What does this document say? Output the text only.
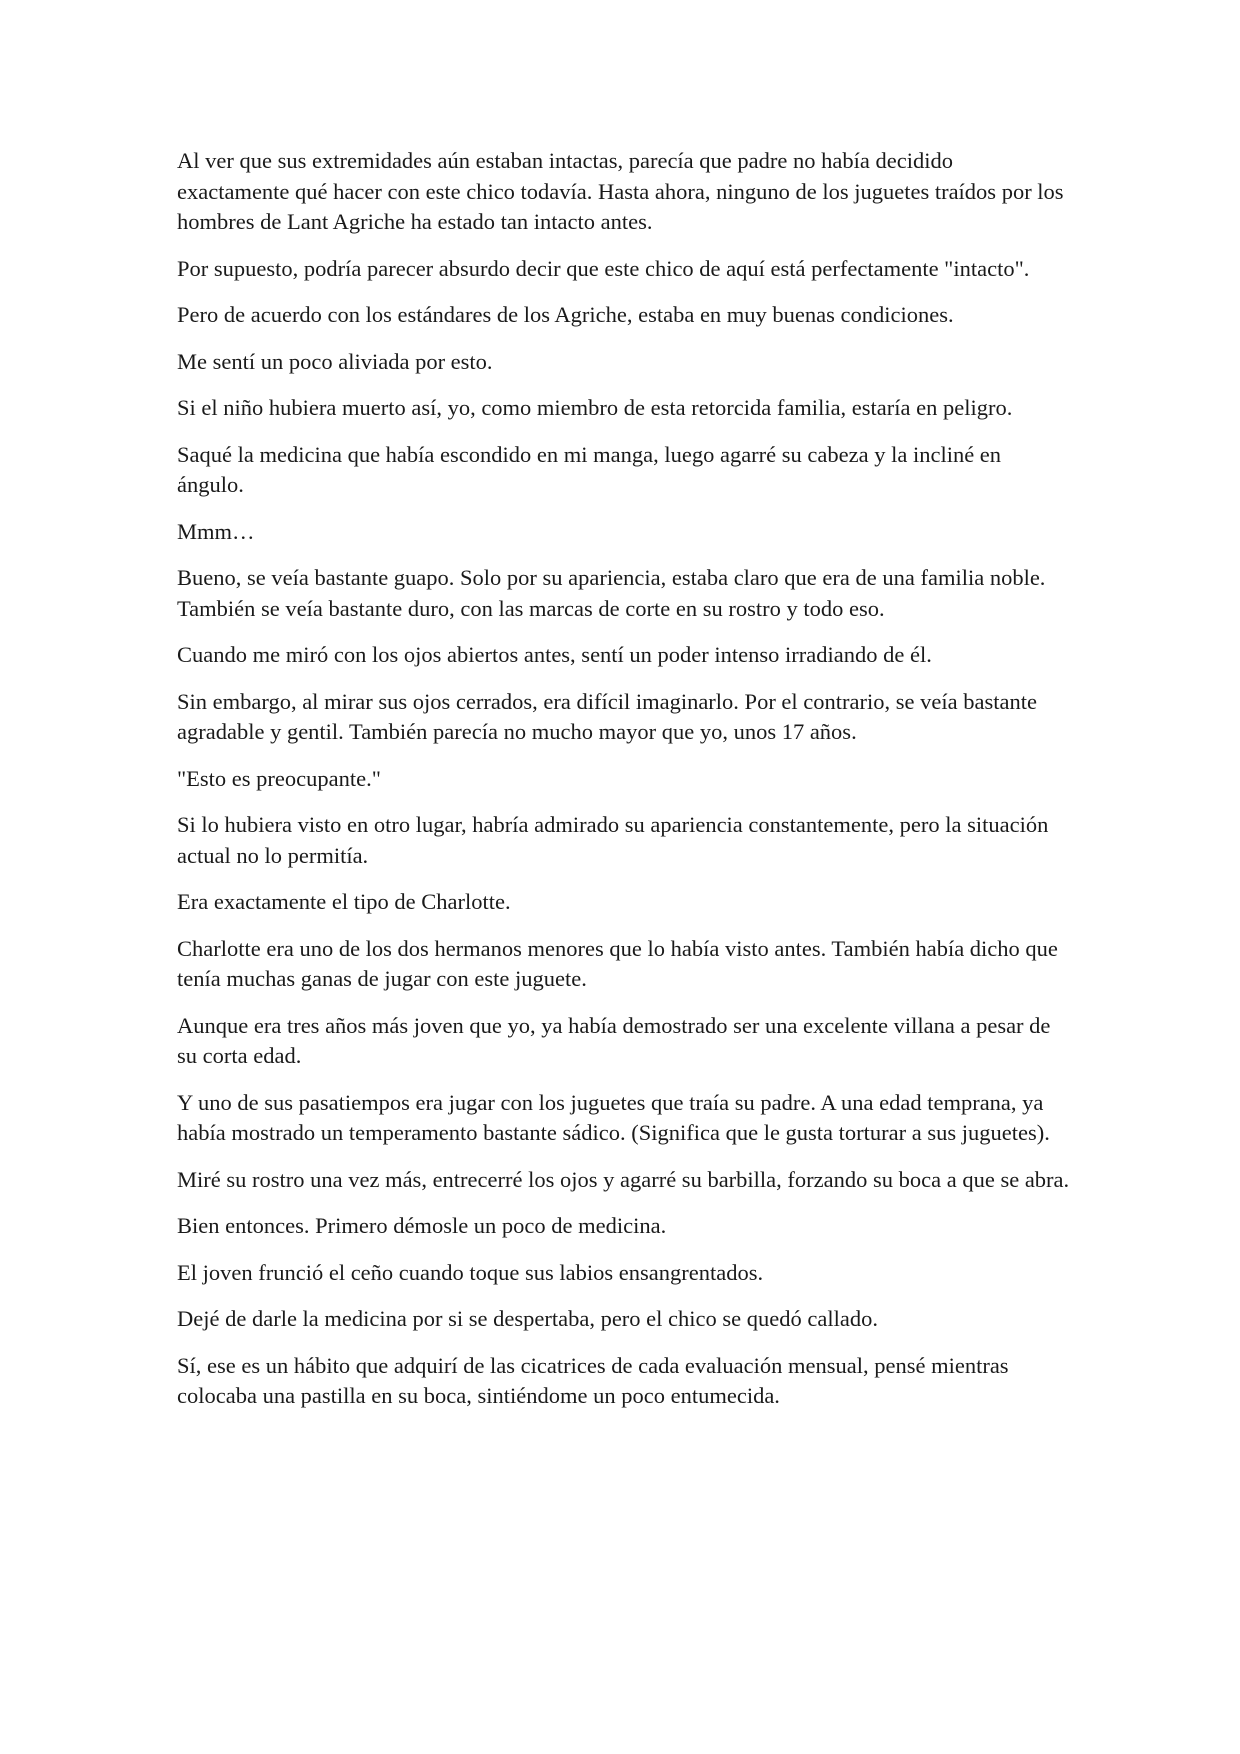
Al ver que sus extremidades aún estaban intactas, parecía que padre no había decidido exactamente qué hacer con este chico todavía. Hasta ahora, ninguno de los juguetes traídos por los hombres de Lant Agriche ha estado tan intacto antes.

Por supuesto, podría parecer absurdo decir que este chico de aquí está perfectamente "intacto".

Pero de acuerdo con los estándares de los Agriche, estaba en muy buenas condiciones.

Me sentí un poco aliviada por esto.

Si el niño hubiera muerto así, yo, como miembro de esta retorcida familia, estaría en peligro.

Saqué la medicina que había escondido en mi manga, luego agarré su cabeza y la incliné en ángulo.

Mmm…

Bueno, se veía bastante guapo. Solo por su apariencia, estaba claro que era de una familia noble. También se veía bastante duro, con las marcas de corte en su rostro y todo eso.

Cuando me miró con los ojos abiertos antes, sentí un poder intenso irradiando de él.

Sin embargo, al mirar sus ojos cerrados, era difícil imaginarlo. Por el contrario, se veía bastante agradable y gentil. También parecía no mucho mayor que yo, unos 17 años.

"Esto es preocupante."

Si lo hubiera visto en otro lugar, habría admirado su apariencia constantemente, pero la situación actual no lo permitía.

Era exactamente el tipo de Charlotte.

Charlotte era uno de los dos hermanos menores que lo había visto antes. También había dicho que tenía muchas ganas de jugar con este juguete.

Aunque era tres años más joven que yo, ya había demostrado ser una excelente villana a pesar de su corta edad.

Y uno de sus pasatiempos era jugar con los juguetes que traía su padre. A una edad temprana, ya había mostrado un temperamento bastante sádico. (Significa que le gusta torturar a sus juguetes).

Miré su rostro una vez más, entrecerré los ojos y agarré su barbilla, forzando su boca a que se abra.

Bien entonces. Primero démosle un poco de medicina.

El joven frunció el ceño cuando toque sus labios ensangrentados.

Dejé de darle la medicina por si se despertaba, pero el chico se quedó callado.

Sí, ese es un hábito que adquirí de las cicatrices de cada evaluación mensual, pensé mientras colocaba una pastilla en su boca, sintiéndome un poco entumecida.
